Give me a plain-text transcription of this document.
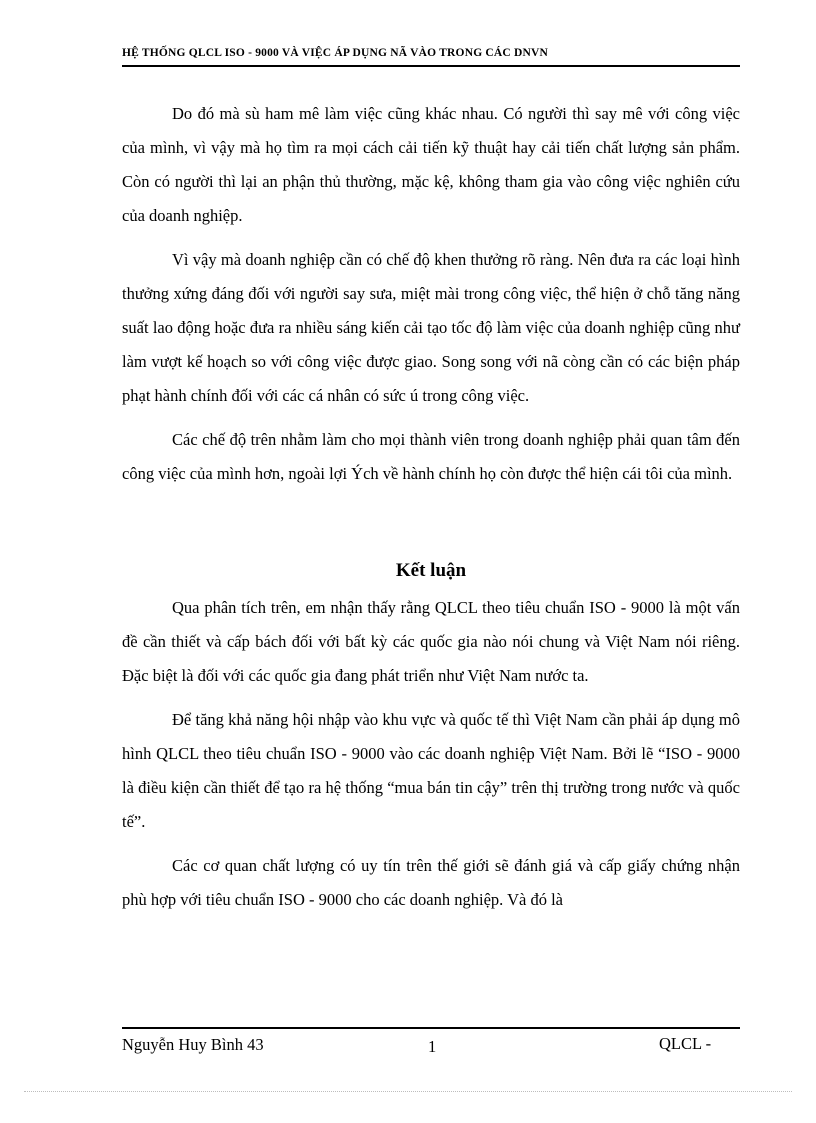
HỆ THỐNG QLCL ISO - 9000 VÀ VIỆC ÁP DỤNG NÃ VÀO TRONG CÁC DNVN

Do đó mà sù ham mê làm việc cũng khác nhau. Có người thì say mê với công việc của mình, vì vậy mà họ tìm ra mọi cách cải tiến kỹ thuật hay cải tiến chất lượng sản phẩm. Còn có người thì lại an phận thủ thường, mặc kệ, không tham gia vào công việc nghiên cứu của doanh nghiệp.

Vì vậy mà doanh nghiệp cần có chế độ khen thưởng rõ ràng. Nên đưa ra các loại hình thưởng xứng đáng đối với người say sưa, miệt mài trong công việc, thể hiện ở chỗ tăng năng suất lao động hoặc đưa ra nhiều sáng kiến cải tạo tốc độ làm việc của doanh nghiệp cũng như làm vượt kế hoạch so với công việc được giao. Song song với nã còng cần có các biện pháp phạt hành chính đối với các cá nhân có sức ú trong công việc.

Các chế độ trên nhằm làm cho mọi thành viên trong doanh nghiệp phải quan tâm đến công việc của mình hơn, ngoài lợi Ých về hành chính họ còn được thể hiện cái tôi của mình.

Kết luận

Qua phân tích trên, em nhận thấy rằng QLCL theo tiêu chuẩn ISO - 9000 là một vấn đề cần thiết và cấp bách đối với bất kỳ các quốc gia nào nói chung và Việt Nam nói riêng. Đặc biệt là đối với các quốc gia đang phát triển như Việt Nam nước ta.

Để tăng khả năng hội nhập vào khu vực và quốc tế thì Việt Nam cần phải áp dụng mô hình QLCL theo tiêu chuẩn ISO - 9000 vào các doanh nghiệp Việt Nam. Bởi lẽ “ISO - 9000 là điều kiện cần thiết để tạo ra hệ thống “mua bán tin cậy” trên thị trường trong nước và quốc tế”.

Các cơ quan chất lượng có uy tín trên thế giới sẽ đánh giá và cấp giấy chứng nhận phù hợp với tiêu chuẩn ISO - 9000 cho các doanh nghiệp. Và đó là

Nguyễn Huy Bình 43	1	QLCL -
